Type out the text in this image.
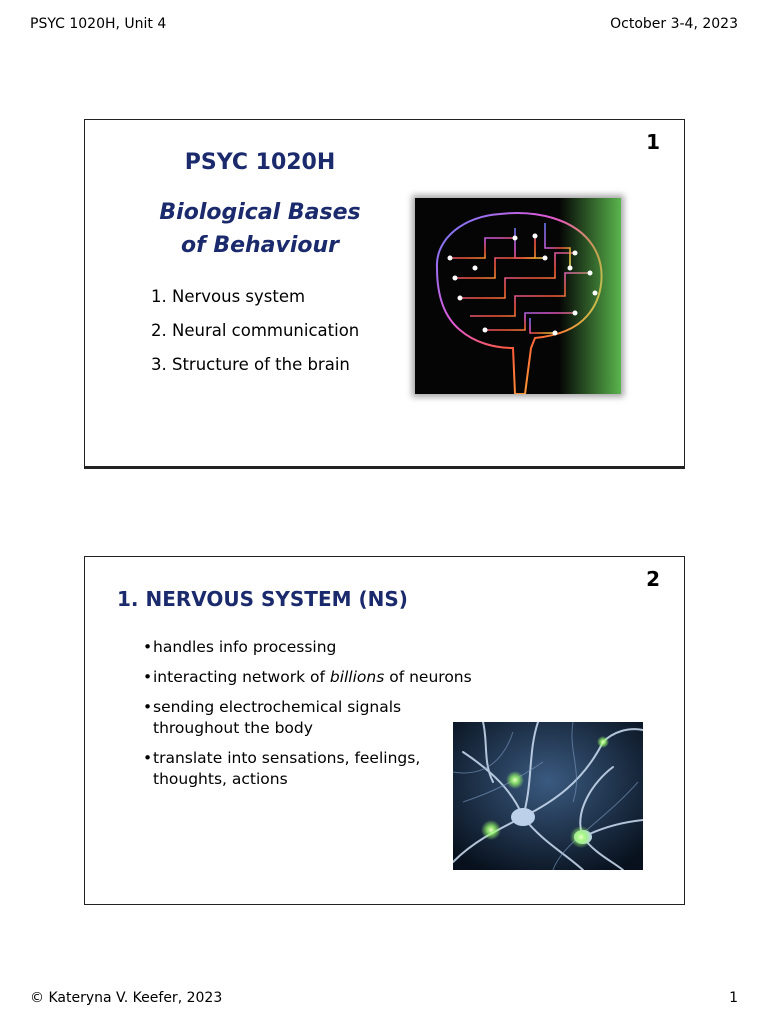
PSYC 1020H, Unit 4	October 3-4, 2023
1
PSYC 1020H
Biological Bases
of Behaviour
1. Nervous system
2. Neural communication
3. Structure of the brain
2
1. NERVOUS SYSTEM (NS)
•handles info processing
•interacting network of billions of neurons
•sending electrochemical signals throughout the body
•translate into sensations, feelings, thoughts, actions
© Kateryna V. Keefer, 2023	1
